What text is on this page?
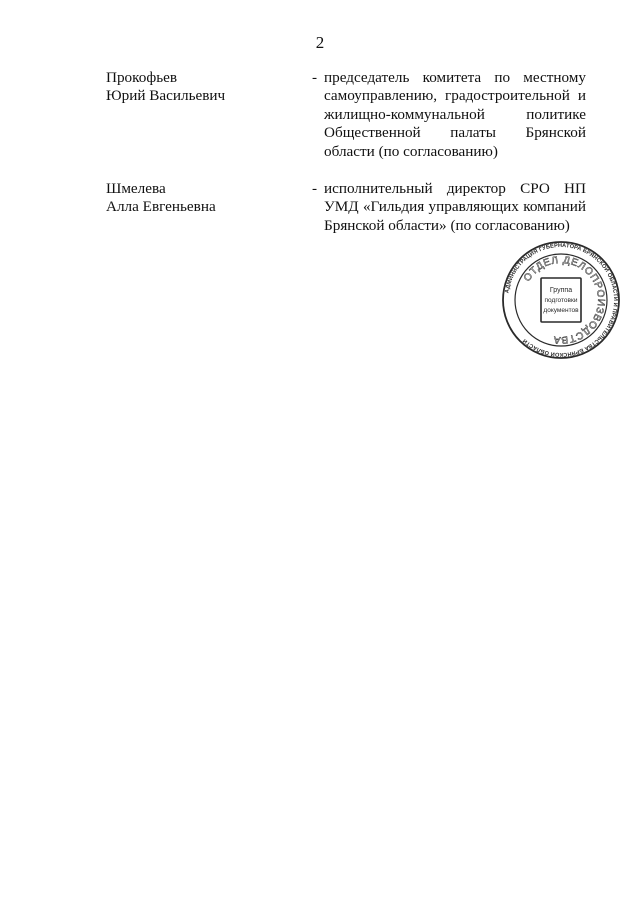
2
Прокофьев
Юрий Васильевич
- председатель комитета по местному самоуправлению, градостроительной и жилищно-коммунальной политике Общественной палаты Брянской области (по согласованию)
Шмелева
Алла Евгеньевна
- исполнительный директор СРО НП УМД «Гильдия управляющих компаний Брянской области» (по согласованию)
АДМИНИСТРАЦИЯ ГУБЕРНАТОРА БРЯНСКОЙ ОБЛАСТИ И ПРАВИТЕЛЬСТВА БРЯНСКОЙ ОБЛАСТИ
ОТДЕЛ ДЕЛОПРОИЗВОДСТВА
Группа
подготовки
документов
